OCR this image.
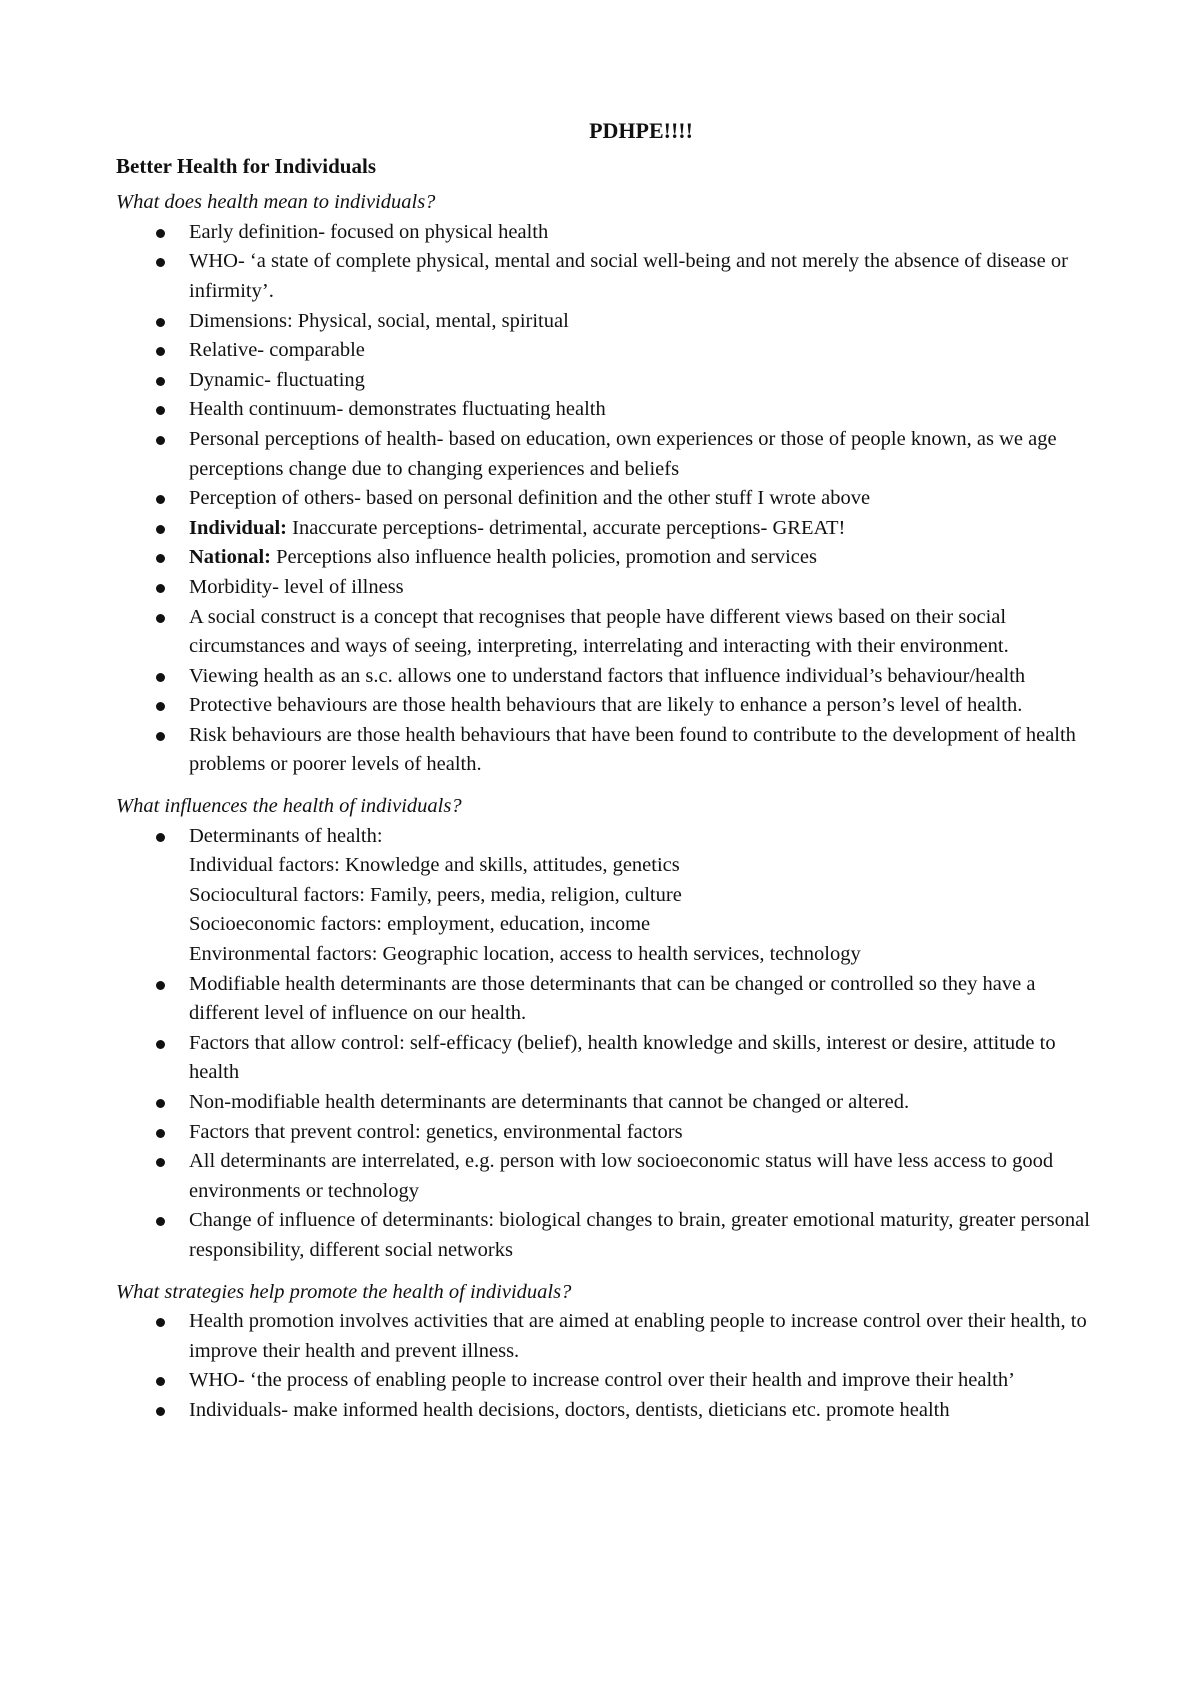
PDHPE!!!!
Better Health for Individuals
What does health mean to individuals?
Early definition- focused on physical health
WHO- ‘a state of complete physical, mental and social well-being and not merely the absence of disease or infirmity’.
Dimensions: Physical, social, mental, spiritual
Relative- comparable
Dynamic- fluctuating
Health continuum- demonstrates fluctuating health
Personal perceptions of health- based on education, own experiences or those of people known, as we age perceptions change due to changing experiences and beliefs
Perception of others- based on personal definition and the other stuff I wrote above
Individual: Inaccurate perceptions- detrimental, accurate perceptions- GREAT!
National: Perceptions also influence health policies, promotion and services
Morbidity- level of illness
A social construct is a concept that recognises that people have different views based on their social circumstances and ways of seeing, interpreting, interrelating and interacting with their environment.
Viewing health as an s.c. allows one to understand factors that influence individual’s behaviour/health
Protective behaviours are those health behaviours that are likely to enhance a person’s level of health.
Risk behaviours are those health behaviours that have been found to contribute to the development of health problems or poorer levels of health.
What influences the health of individuals?
Determinants of health:
Individual factors: Knowledge and skills, attitudes, genetics
Sociocultural factors: Family, peers, media, religion, culture
Socioeconomic factors: employment, education, income
Environmental factors: Geographic location, access to health services, technology
Modifiable health determinants are those determinants that can be changed or controlled so they have a different level of influence on our health.
Factors that allow control: self-efficacy (belief), health knowledge and skills, interest or desire, attitude to health
Non-modifiable health determinants are determinants that cannot be changed or altered.
Factors that prevent control: genetics, environmental factors
All determinants are interrelated, e.g. person with low socioeconomic status will have less access to good environments or technology
Change of influence of determinants: biological changes to brain, greater emotional maturity, greater personal responsibility, different social networks
What strategies help promote the health of individuals?
Health promotion involves activities that are aimed at enabling people to increase control over their health, to improve their health and prevent illness.
WHO- ‘the process of enabling people to increase control over their health and improve their health’
Individuals- make informed health decisions, doctors, dentists, dieticians etc. promote health
